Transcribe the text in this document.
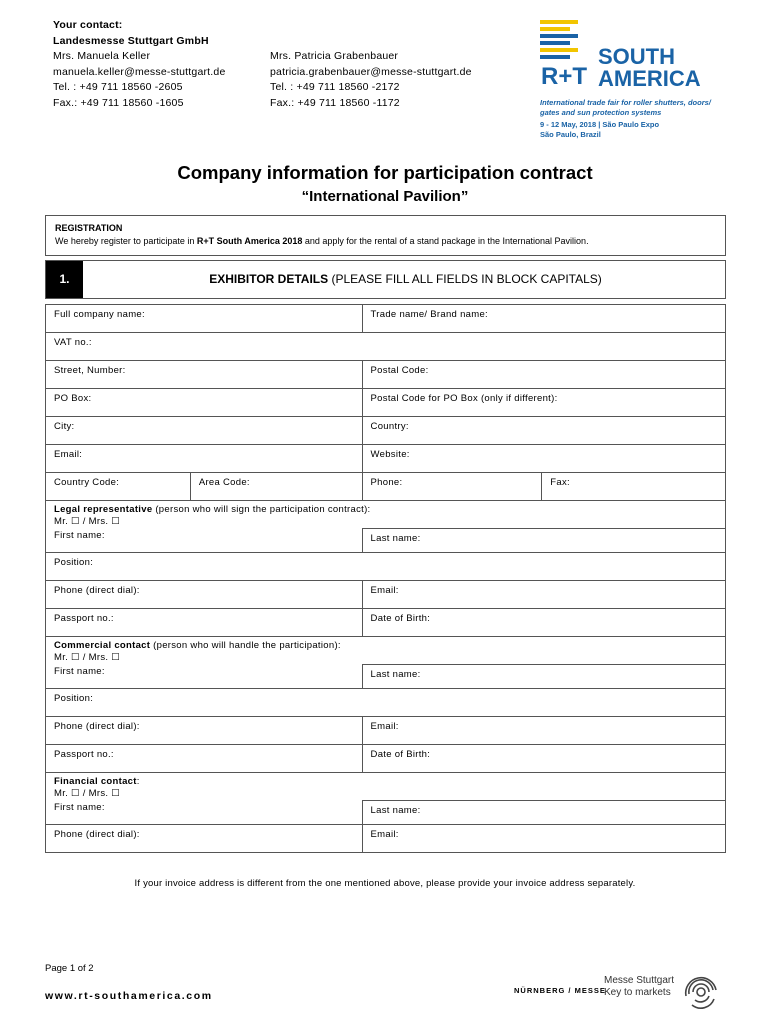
Your contact:
Landesmesse Stuttgart GmbH
Mrs. Manuela Keller
manuela.keller@messe-stuttgart.de
Tel. : +49 711 18560 -2605
Fax.: +49 711 18560 -1605
Mrs. Patricia Grabenbauer
patricia.grabenbauer@messe-stuttgart.de
Tel. : +49 711 18560 -2172
Fax.: +49 711 18560 -1172
R+T
SOUTH
AMERICA
International trade fair for roller shutters, doors/ gates and sun protection systems
9 - 12 May, 2018 | São Paulo Expo
São Paulo, Brazil
Company information for participation contract
“International Pavilion”
REGISTRATION
We hereby register to participate in R+T South America 2018 and apply for the rental of a stand package in the International Pavilion.
1.	EXHIBITOR DETAILS (PLEASE FILL ALL FIELDS IN BLOCK CAPITALS)
Full company name:		Trade name/ Brand name:	
VAT no.:			
Street, Number:		Postal Code:	
PO Box:		Postal Code for PO Box (only if different):	
City:		Country:	
Email:		Website:	
Country Code:	Area Code:	Phone:	Fax:

Legal representative (person who will sign the participation contract):
Mr. ☐ / Mrs. ☐			

First name:		Last name:	
Position:			
Phone (direct dial):		Email:	
Passport no.:		Date of Birth:	

Commercial contact (person who will handle the participation):
Mr. ☐ / Mrs. ☐			

First name:		Last name:	
Position:			
Phone (direct dial):		Email:	
Passport no.:		Date of Birth:	

Financial contact:
Mr. ☐ / Mrs. ☐			

First name:		Last name:	
Phone (direct dial):		Email:	
If your invoice address is different from the one mentioned above, please provide your invoice address separately.
Page 1 of 2
www.rt-southamerica.com	NÜRNBERG / MESSE
Messe Stuttgart
Key to markets
